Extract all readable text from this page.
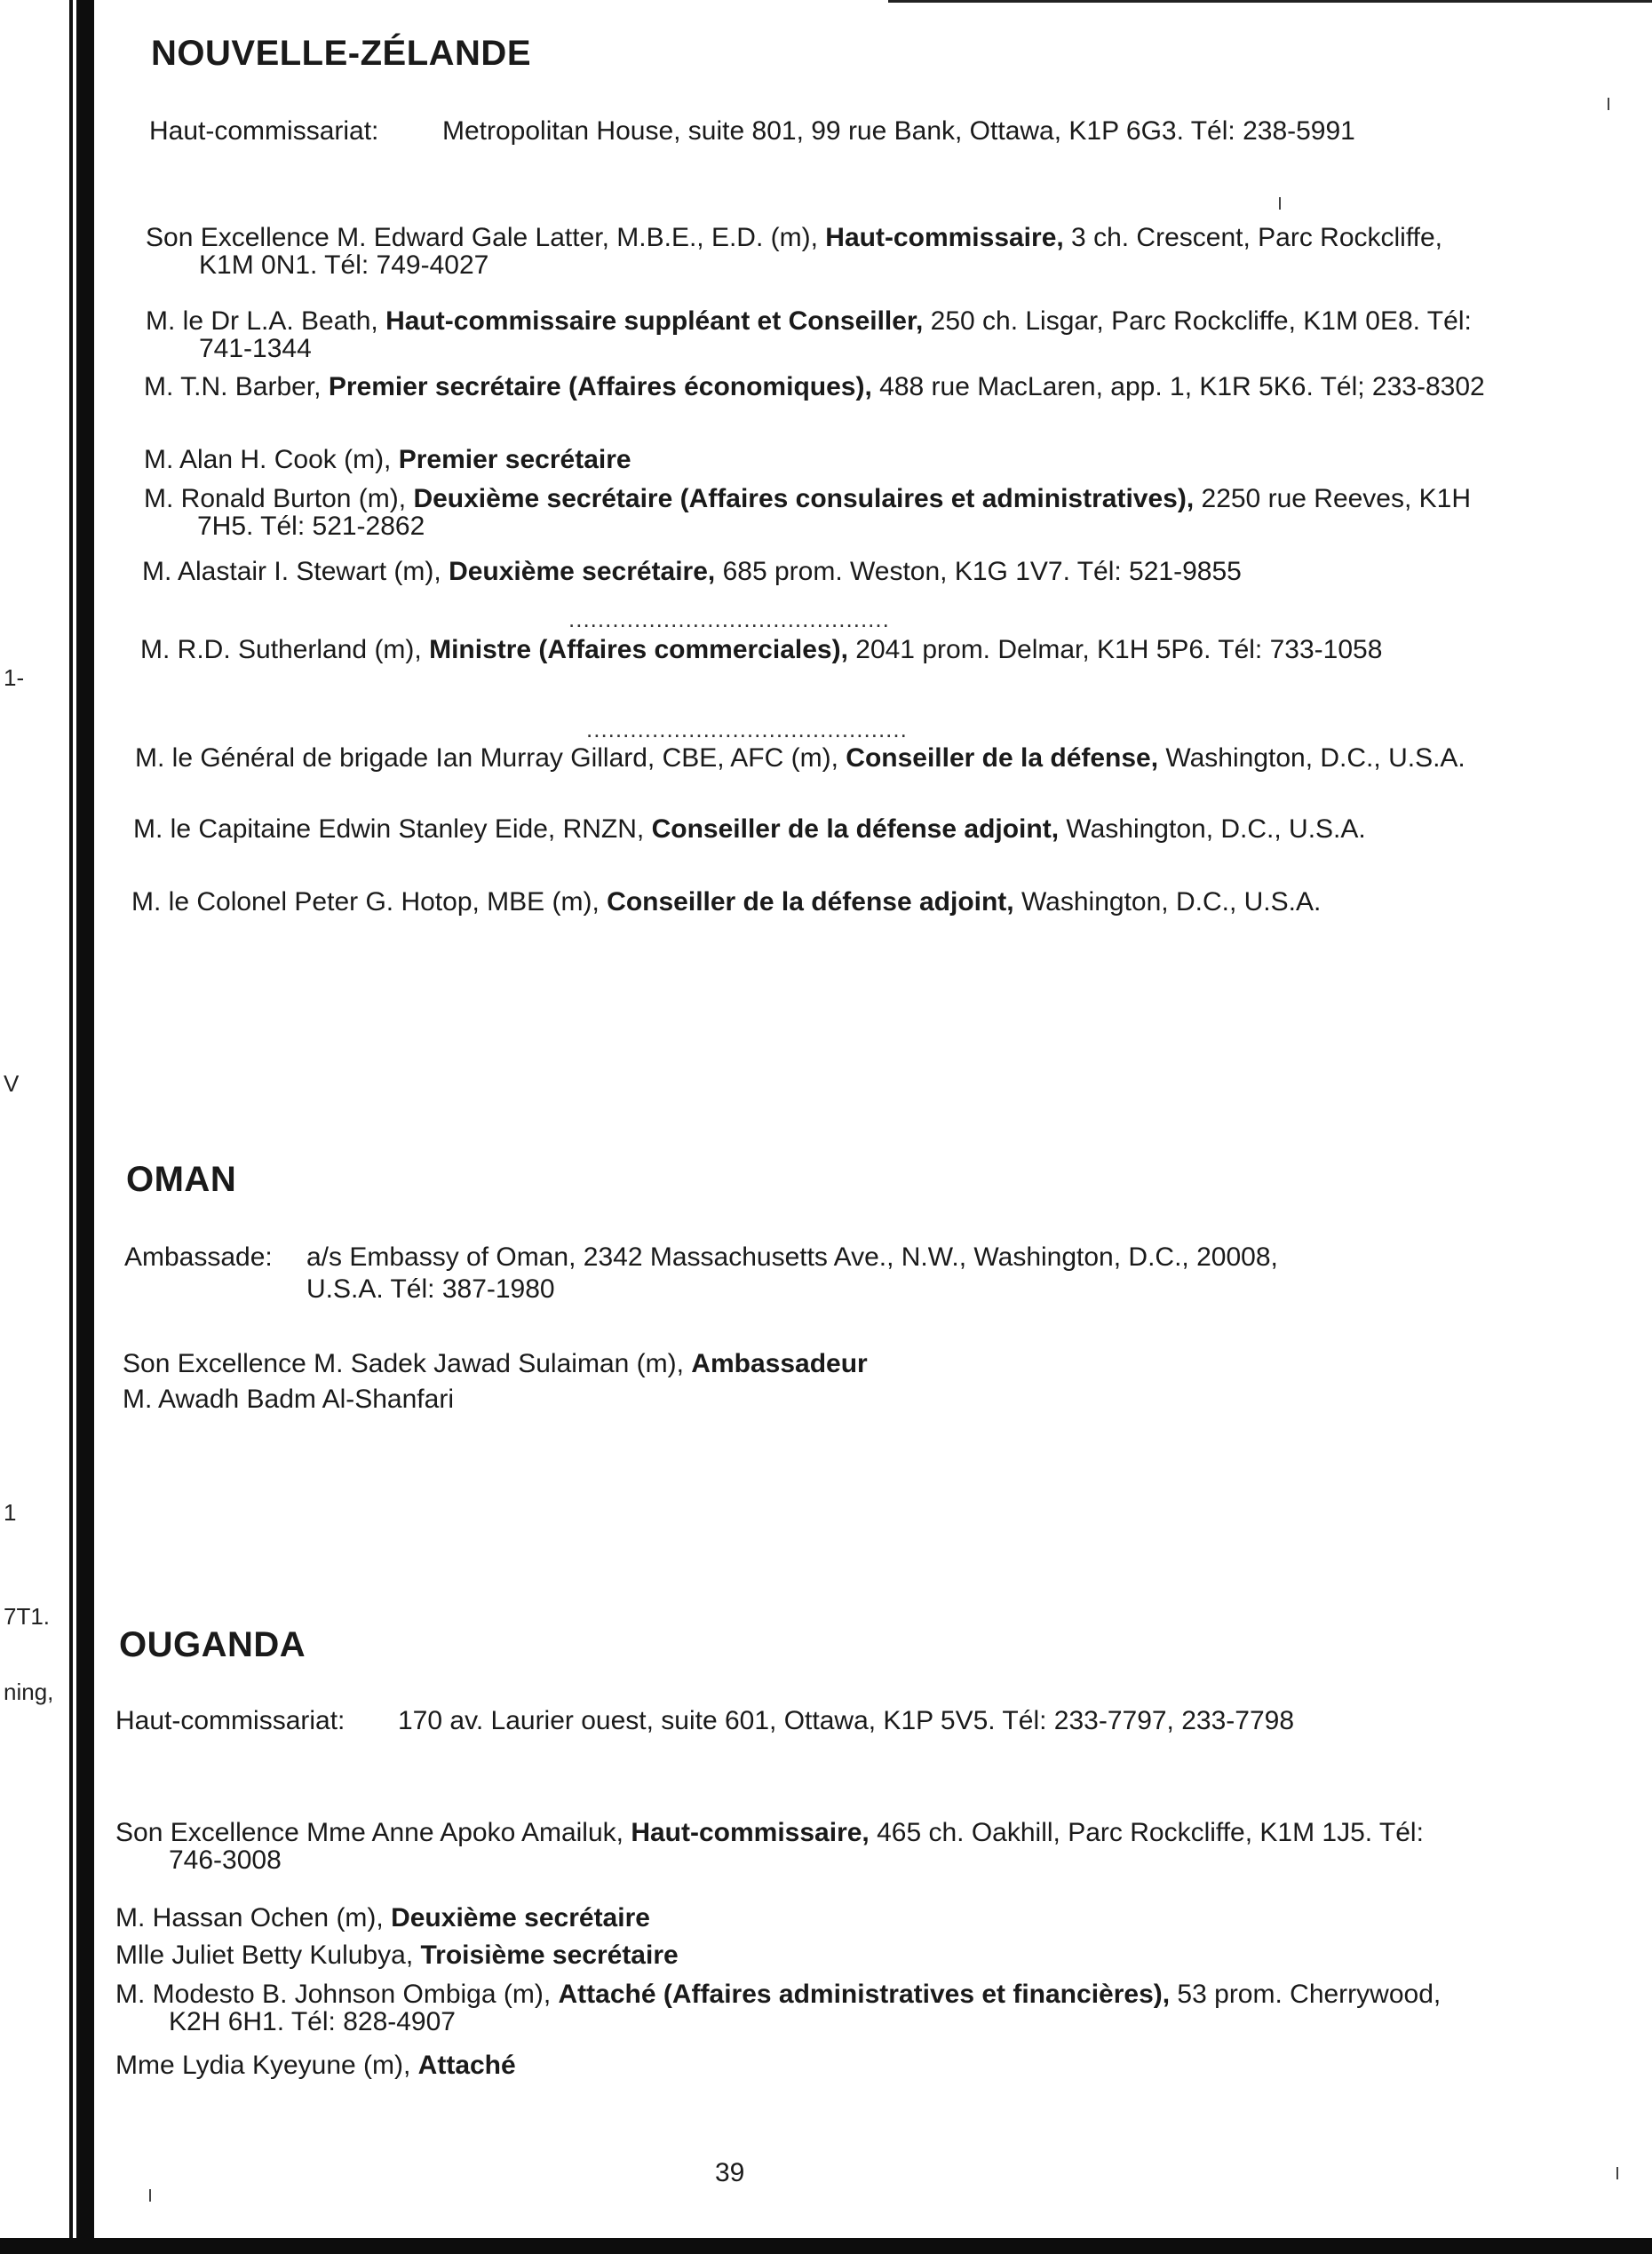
1-
V
1
7T1.
ning,
NOUVELLE-ZÉLANDE
Haut-commissariat: Metropolitan House, suite 801, 99 rue Bank, Ottawa, K1P 6G3. Tél: 238-5991
Son Excellence M. Edward Gale Latter, M.B.E., E.D. (m), Haut-commissaire, 3 ch. Crescent, Parc Rockcliffe, K1M 0N1. Tél: 749-4027
M. le Dr L.A. Beath, Haut-commissaire suppléant et Conseiller, 250 ch. Lisgar, Parc Rockcliffe, K1M 0E8. Tél: 741-1344
M. T.N. Barber, Premier secrétaire (Affaires économiques), 488 rue MacLaren, app. 1, K1R 5K6. Tél; 233-8302
M. Alan H. Cook (m), Premier secrétaire
M. Ronald Burton (m), Deuxième secrétaire (Affaires consulaires et administratives), 2250 rue Reeves, K1H 7H5. Tél: 521-2862
M. Alastair I. Stewart (m), Deuxième secrétaire, 685 prom. Weston, K1G 1V7. Tél: 521-9855
............................................
M. R.D. Sutherland (m), Ministre (Affaires commerciales), 2041 prom. Delmar, K1H 5P6. Tél: 733-1058
............................................
M. le Général de brigade Ian Murray Gillard, CBE, AFC (m), Conseiller de la défense, Washington, D.C., U.S.A.
M. le Capitaine Edwin Stanley Eide, RNZN, Conseiller de la défense adjoint, Washington, D.C., U.S.A.
M. le Colonel Peter G. Hotop, MBE (m), Conseiller de la défense adjoint, Washington, D.C., U.S.A.
OMAN
Ambassade: a/s Embassy of Oman, 2342 Massachusetts Ave., N.W., Washington, D.C., 20008, U.S.A. Tél: 387-1980
Son Excellence M. Sadek Jawad Sulaiman (m), Ambassadeur
M. Awadh Badm Al-Shanfari
OUGANDA
Haut-commissariat: 170 av. Laurier ouest, suite 601, Ottawa, K1P 5V5. Tél: 233-7797, 233-7798
Son Excellence Mme Anne Apoko Amailuk, Haut-commissaire, 465 ch. Oakhill, Parc Rockcliffe, K1M 1J5. Tél: 746-3008
M. Hassan Ochen (m), Deuxième secrétaire
Mlle Juliet Betty Kulubya, Troisième secrétaire
M. Modesto B. Johnson Ombiga (m), Attaché (Affaires administratives et financières), 53 prom. Cherrywood, K2H 6H1. Tél: 828-4907
Mme Lydia Kyeyune (m), Attaché
39
